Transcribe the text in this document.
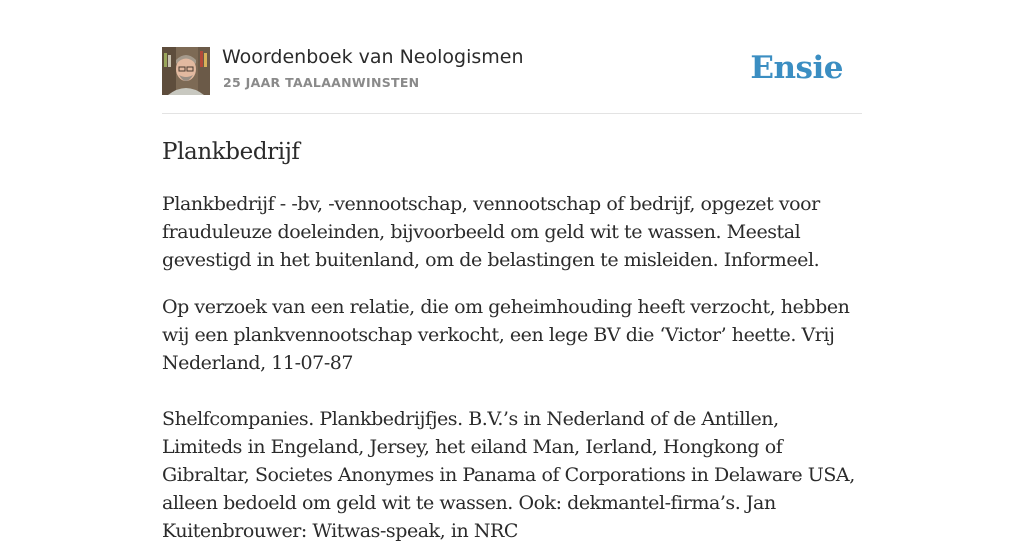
Woordenboek van Neologismen
25 JAAR TAALAANWINSTEN	Ensie
Plankbedrijf

Plankbedrijf - -bv, -vennootschap, vennootschap of bedrijf, opgezet voor frauduleuze doeleinden, bijvoorbeeld om geld wit te wassen. Meestal gevestigd in het buitenland, om de belastingen te misleiden. Informeel.

Op verzoek van een relatie, die om geheimhouding heeft verzocht, hebben wij een plankvennootschap verkocht, een lege BV die ‘Victor’ heette. Vrij Nederland, 11-07-87

Shelfcompanies. Plankbedrijfjes. B.V.’s in Nederland of de Antillen, Limiteds in Engeland, Jersey, het eiland Man, Ierland, Hongkong of Gibraltar, Societes Anonymes in Panama of Corporations in Delaware USA, alleen bedoeld om geld wit te wassen. Ook: dekmantel-firma’s. Jan Kuitenbrouwer: Witwas-speak, in NRC
